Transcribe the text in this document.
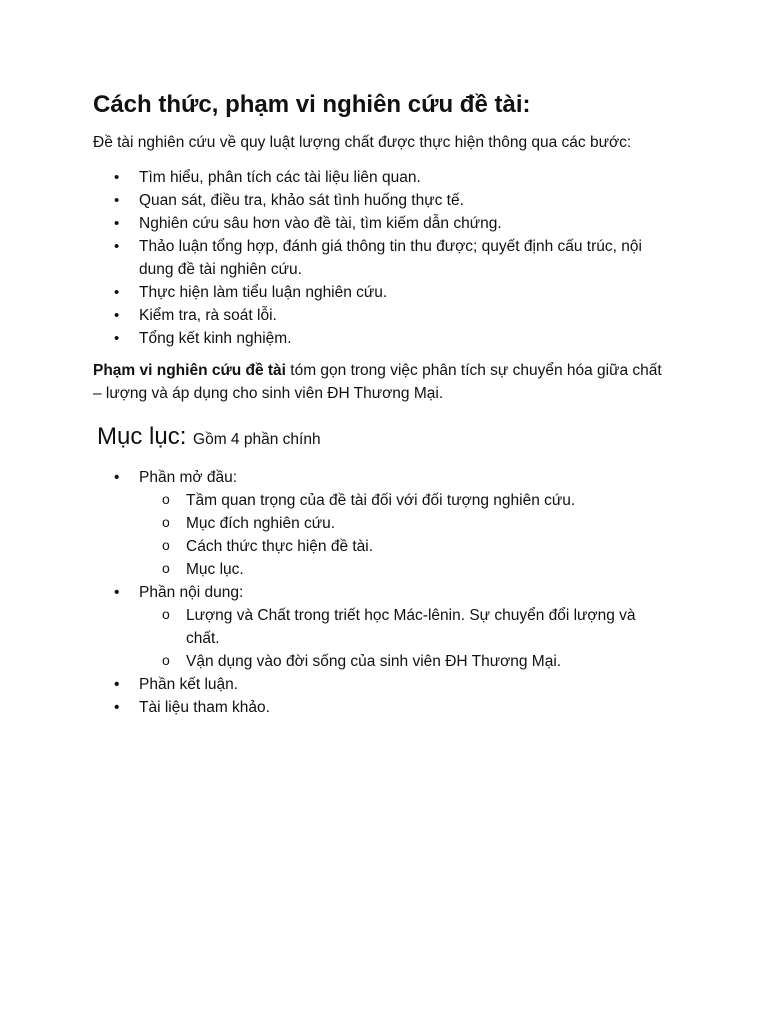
Cách thức, phạm vi nghiên cứu đề tài:

Đề tài nghiên cứu về quy luật lượng chất được thực hiện thông qua các bước:

• Tìm hiểu, phân tích các tài liệu liên quan.
• Quan sát, điều tra, khảo sát tình huống thực tế.
• Nghiên cứu sâu hơn vào đề tài, tìm kiếm dẫn chứng.
• Thảo luận tổng hợp, đánh giá thông tin thu được; quyết định cấu trúc, nội dung đề tài nghiên cứu.
• Thực hiện làm tiểu luận nghiên cứu.
• Kiểm tra, rà soát lỗi.
• Tổng kết kinh nghiệm.

Phạm vi nghiên cứu đề tài tóm gọn trong việc phân tích sự chuyển hóa giữa chất – lượng và áp dụng cho sinh viên ĐH Thương Mại.

Mục lục: Gồm 4 phần chính
• Phần mở đầu:
o Tầm quan trọng của đề tài đối với đối tượng nghiên cứu.
o Mục đích nghiên cứu.
o Cách thức thực hiện đề tài.
o Mục lục.
• Phần nội dung:
o Lượng và Chất trong triết học Mác-lênin. Sự chuyển đổi lượng và chất.
o Vận dụng vào đời sống của sinh viên ĐH Thương Mại.
• Phần kết luận.
• Tài liệu tham khảo.
